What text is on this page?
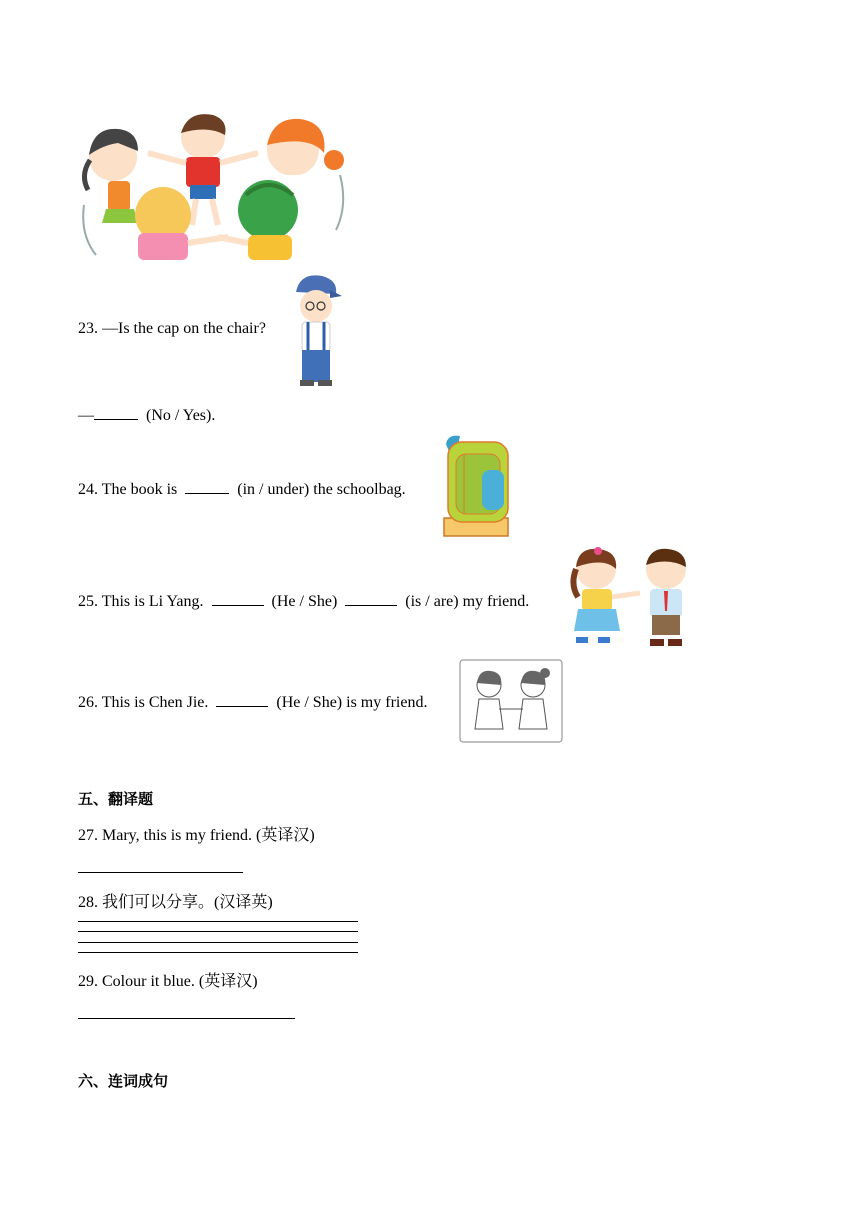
23. —Is the cap on the chair?
—	(No / Yes).
24. The book is	(in / under) the schoolbag.
25. This is Li Yang.	(He / She)	(is / are) my friend.
26. This is Chen Jie.	(He / She) is my friend.
五、翻译题
27. Mary, this is my friend. (英译汉)
28. 我们可以分享。(汉译英)
29. Colour it blue. (英译汉)
六、连词成句
